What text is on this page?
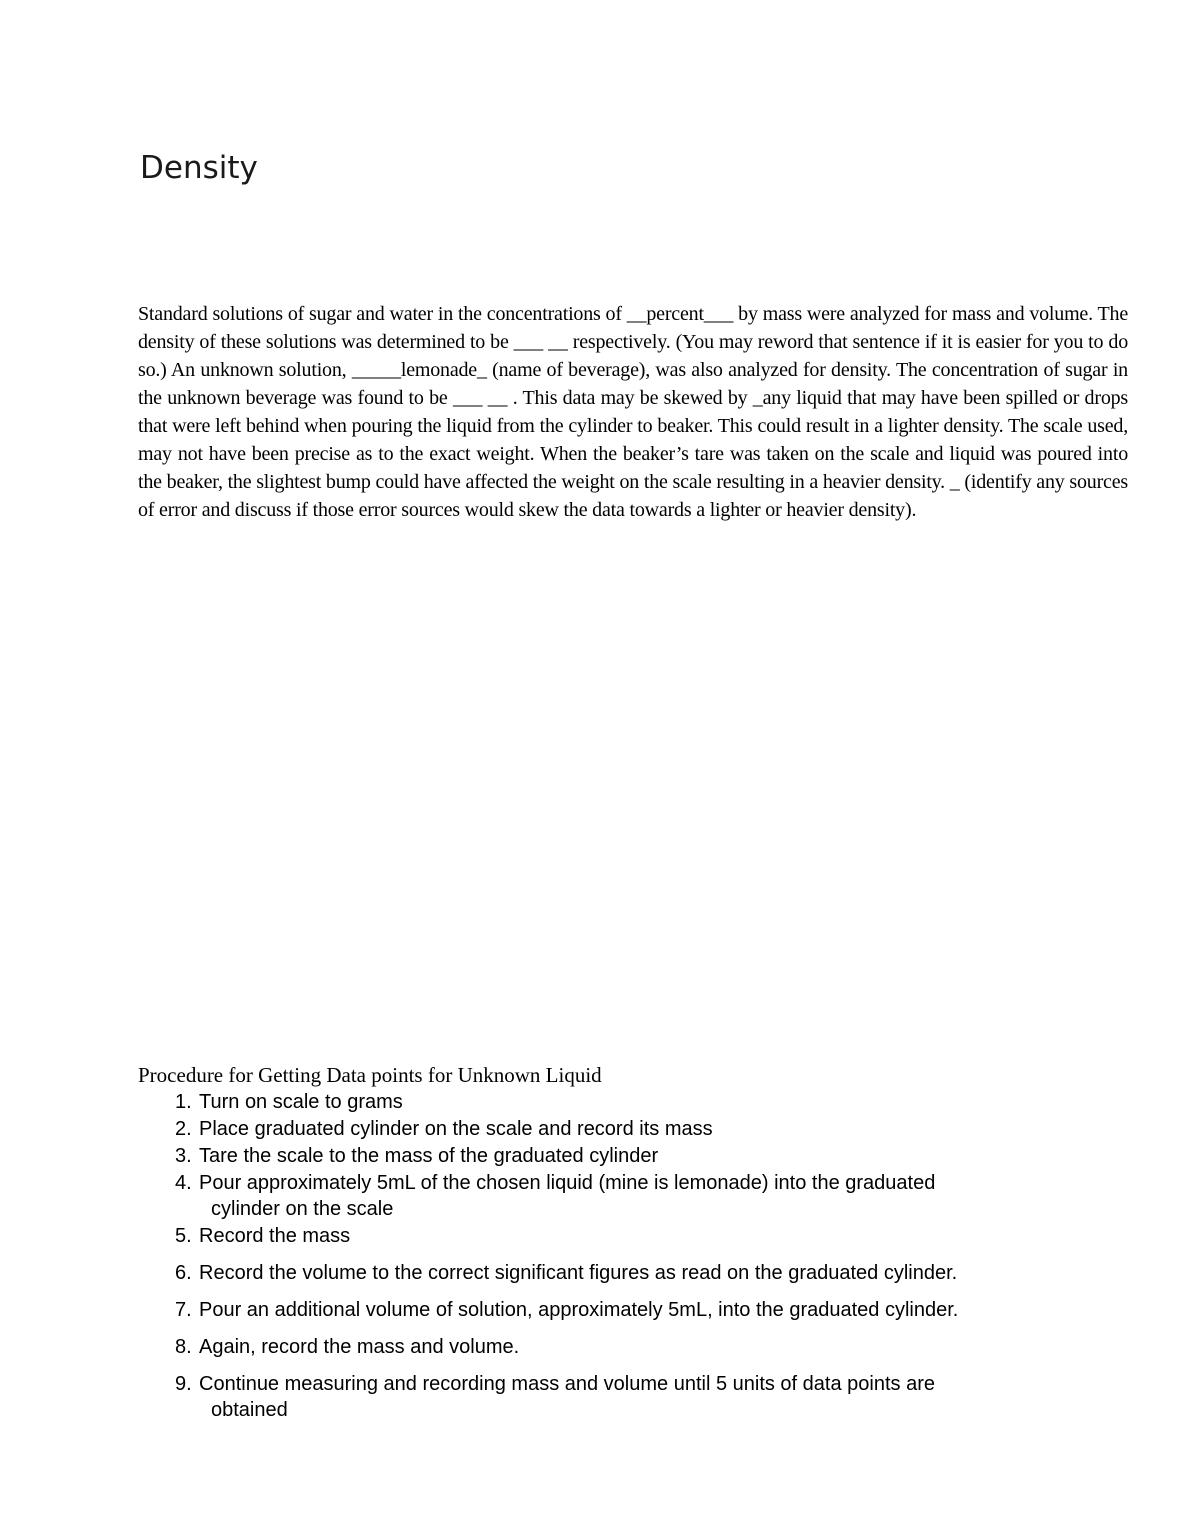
Density

Standard solutions of sugar and water in the concentrations of __percent___ by mass were analyzed for mass and volume. The density of these solutions was determined to be ___ __ respectively. (You may reword that sentence if it is easier for you to do so.) An unknown solution, _____lemonade_ (name of beverage), was also analyzed for density. The concentration of sugar in the unknown beverage was found to be ___ __ . This data may be skewed by _any liquid that may have been spilled or drops that were left behind when pouring the liquid from the cylinder to beaker. This could result in a lighter density. The scale used, may not have been precise as to the exact weight. When the beaker’s tare was taken on the scale and liquid was poured into the beaker, the slightest bump could have affected the weight on the scale resulting in a heavier density. _ (identify any sources of error and discuss if those error sources would skew the data towards a lighter or heavier density).

Procedure for Getting Data points for Unknown Liquid
1. Turn on scale to grams
2. Place graduated cylinder on the scale and record its mass
3. Tare the scale to the mass of the graduated cylinder
4. Pour approximately 5mL of the chosen liquid (mine is lemonade) into the graduated
cylinder on the scale
5. Record the mass
6. Record the volume to the correct significant figures as read on the graduated cylinder.
7. Pour an additional volume of solution, approximately 5mL, into the graduated cylinder.
8. Again, record the mass and volume.
9. Continue measuring and recording mass and volume until 5 units of data points are
obtained
